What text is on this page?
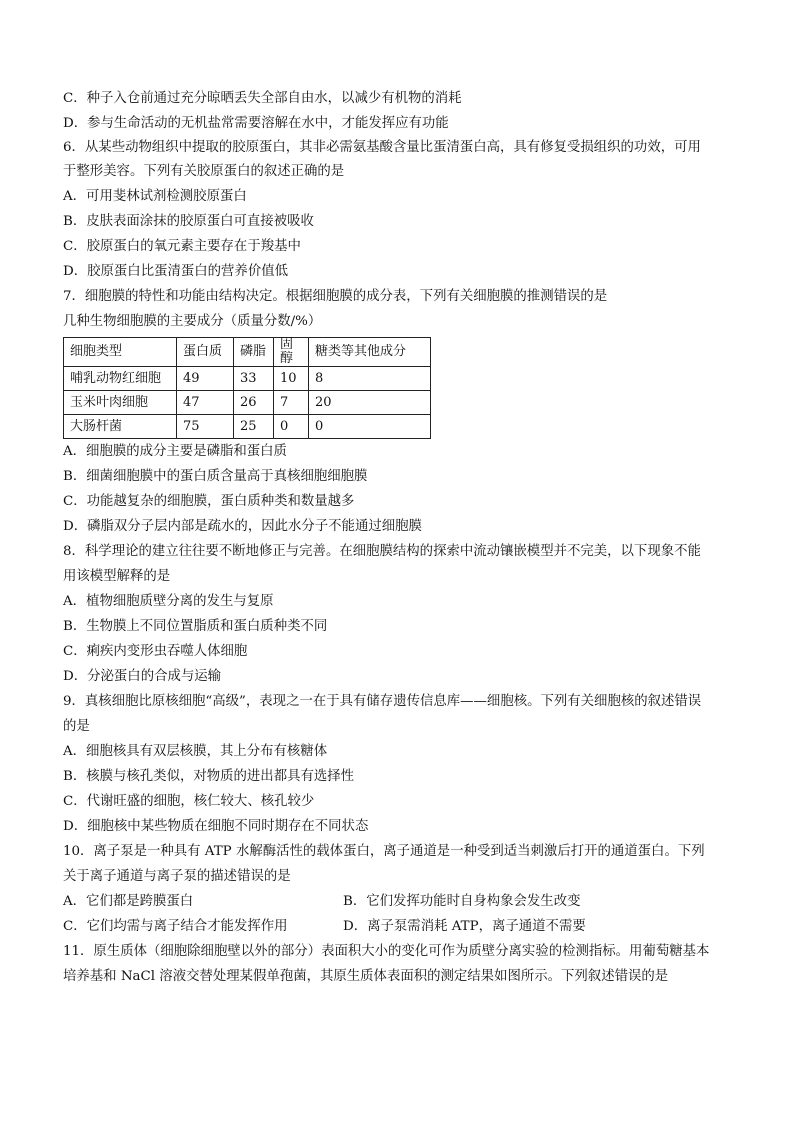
C．种子入仓前通过充分晾晒丢失全部自由水，以减少有机物的消耗
D．参与生命活动的无机盐常需要溶解在水中，才能发挥应有功能
6．从某些动物组织中提取的胶原蛋白，其非必需氨基酸含量比蛋清蛋白高，具有修复受损组织的功效，可用
于整形美容。下列有关胶原蛋白的叙述正确的是
A．可用斐林试剂检测胶原蛋白
B．皮肤表面涂抹的胶原蛋白可直接被吸收
C．胶原蛋白的氧元素主要存在于羧基中
D．胶原蛋白比蛋清蛋白的营养价值低
7．细胞膜的特性和功能由结构决定。根据细胞膜的成分表，下列有关细胞膜的推测错误的是
几种生物细胞膜的主要成分（质量分数/%）
细胞类型	蛋白质	磷脂	固醇	糖类等其他成分
哺乳动物红细胞	49	33	10	8
玉米叶肉细胞	47	26	7	20
大肠杆菌	75	25	0	0
A．细胞膜的成分主要是磷脂和蛋白质
B．细菌细胞膜中的蛋白质含量高于真核细胞细胞膜
C．功能越复杂的细胞膜，蛋白质种类和数量越多
D．磷脂双分子层内部是疏水的，因此水分子不能通过细胞膜
8．科学理论的建立往往要不断地修正与完善。在细胞膜结构的探索中流动镶嵌模型并不完美，以下现象不能
用该模型解释的是
A．植物细胞质壁分离的发生与复原
B．生物膜上不同位置脂质和蛋白质种类不同
C．痢疾内变形虫吞噬人体细胞
D．分泌蛋白的合成与运输
9．真核细胞比原核细胞“高级”，表现之一在于具有储存遗传信息库——细胞核。下列有关细胞核的叙述错误
的是
A．细胞核具有双层核膜，其上分布有核糖体
B．核膜与核孔类似，对物质的进出都具有选择性
C．代谢旺盛的细胞，核仁较大、核孔较少
D．细胞核中某些物质在细胞不同时期存在不同状态
10．离子泵是一种具有 ATP 水解酶活性的载体蛋白，离子通道是一种受到适当刺激后打开的通道蛋白。下列
关于离子通道与离子泵的描述错误的是
A．它们都是跨膜蛋白	B．它们发挥功能时自身构象会发生改变
C．它们均需与离子结合才能发挥作用	D．离子泵需消耗 ATP，离子通道不需要
11．原生质体（细胞除细胞壁以外的部分）表面积大小的变化可作为质壁分离实验的检测指标。用葡萄糖基本
培养基和 NaCl 溶液交替处理某假单孢菌，其原生质体表面积的测定结果如图所示。下列叙述错误的是
